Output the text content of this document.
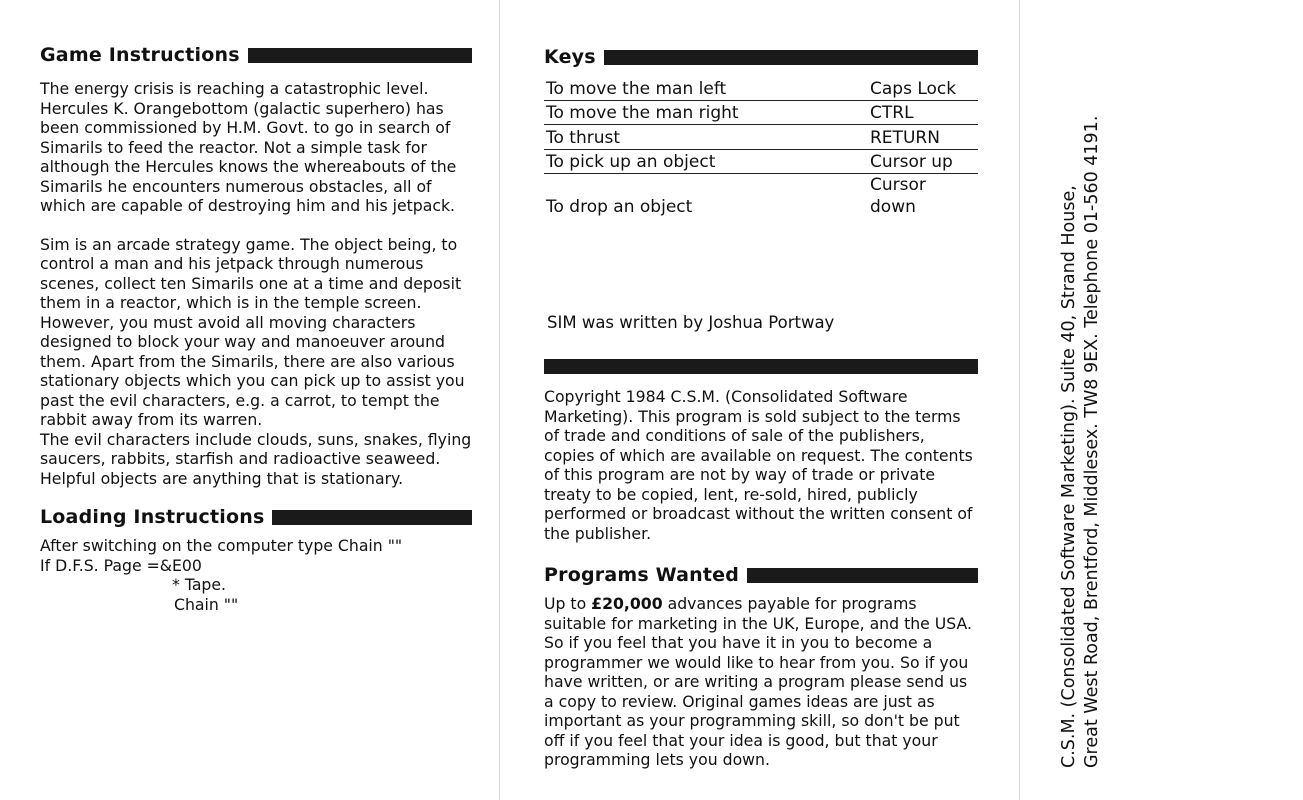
Game Instructions

The energy crisis is reaching a catastrophic level. Hercules K. Orangebottom (galactic superhero) has been commissioned by H.M. Govt. to go in search of Simarils to feed the reactor. Not a simple task for although the Hercules knows the whereabouts of the Simarils he encounters numerous obstacles, all of which are capable of destroying him and his jetpack.

Sim is an arcade strategy game. The object being, to control a man and his jetpack through numerous scenes, collect ten Simarils one at a time and deposit them in a reactor, which is in the temple screen. However, you must avoid all moving characters designed to block your way and manoeuver around them. Apart from the Simarils, there are also various stationary objects which you can pick up to assist you past the evil characters, e.g. a carrot, to tempt the rabbit away from its warren.

The evil characters include clouds, suns, snakes, flying saucers, rabbits, starfish and radioactive seaweed.

Helpful objects are anything that is stationary.

Loading Instructions

After switching on the computer type Chain ""

If D.F.S. Page =&E00

* Tape.

Chain ""

Keys
To move the man left	Caps Lock
To move the man right	CTRL
To thrust	RETURN
To pick up an object	Cursor up
To drop an object	Cursor down
SIM was written by Joshua Portway
Copyright 1984 C.S.M. (Consolidated Software Marketing). This program is sold subject to the terms of trade and conditions of sale of the publishers, copies of which are available on request. The contents of this program are not by way of trade or private treaty to be copied, lent, re-sold, hired, publicly performed or broadcast without the written consent of the publisher.
Programs Wanted
Up to £20,000 advances payable for programs suitable for marketing in the UK, Europe, and the USA. So if you feel that you have it in you to become a programmer we would like to hear from you. So if you have written, or are writing a program please send us a copy to review. Original games ideas are just as important as your programming skill, so don't be put off if you feel that your idea is good, but that your programming lets you down.	C.S.M. (Consolidated Software Marketing). Suite 40, Strand House, Great West Road, Brentford, Middlesex. TW8 9EX. Telephone 01-560 4191.
